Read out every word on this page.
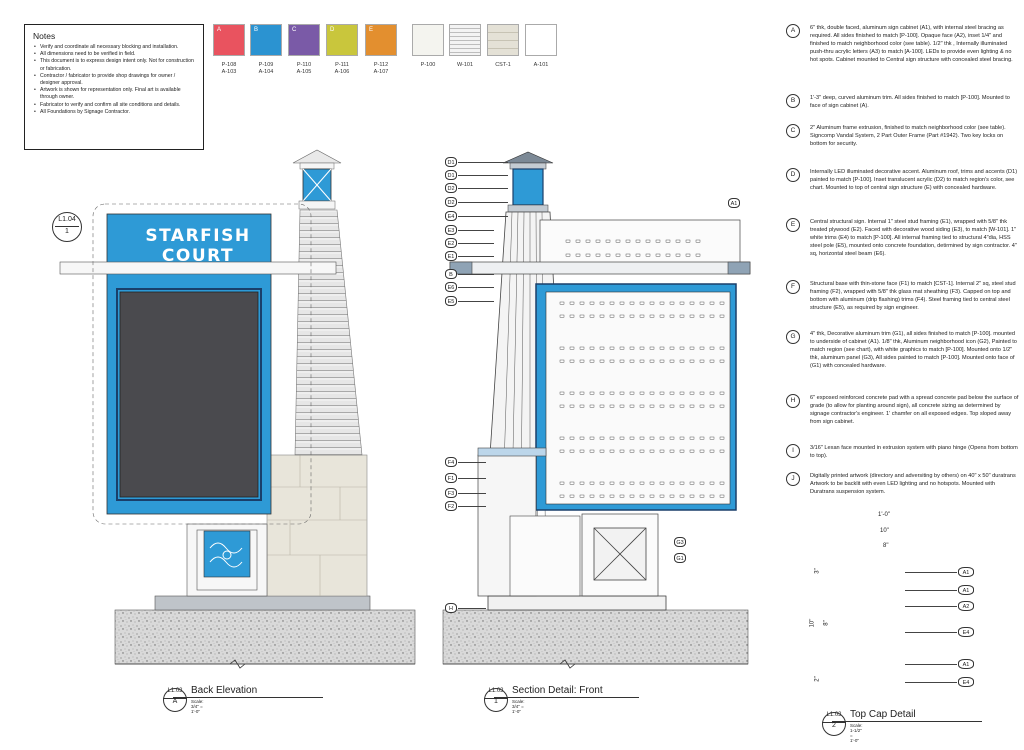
Notes
• Verify and coordinate all necessary blocking and installation.
• All dimensions need to be verified in field.
• This document is to express design intent only. Not for construction or fabrication.
• Contractor / fabricator to provide shop drawings for owner / designer approval.
• Artwork is shown for representation only. Final art is available through owner.
• Fabricator to verify and confirm all site conditions and details.
• All Foundations by Signage Contractor.
A
P-108
A-103
B
P-109
A-104
C
P-110
A-105
D
P-111
A-106
E
P-112
A-107
P-100	W-101	CST-1	A-101
A	6" thk, double faced, aluminum sign cabinet (A1), with internal steel bracing as required. All sides finished to match [P-100]. Opaque face (A2), inset 1/4" and finished to match neighborhood color (see table). 1/2" thk , Internally illuminated push-thru acrylic letters (A3) to match [A-100]. LEDs to provide even lighting & no hot spots. Cabinet mounted to Central sign structure with concealed steel bracing.
B	1'-3" deep, curved aluminum trim. All sides finished to match [P-100]. Mounted to face of sign cabinet (A).
C	2" Aluminum frame extrusion, finished to match neighborhood color (see table). Signcomp Vandal System, 2 Part Outer Frame (Part #1942). Two key locks on bottom for security.
D	Internally LED illuminated decorative accent. Aluminum roof, trims and accents (D1) painted to match [P-100]. Inset translucent acrylic (D2) to match region's color, see chart. Mounted to top of central sign structure (E) with concealed hardware.
E	Central structural sign. Internal 1" steel stud framing (E1), wrapped with 5/8" thk treated plywood (E2). Faced with decorative wood siding (E3), to match [W-101]. 1" white trims (E4) to match [P-100]. All internal framing tied to structural 4"dia, HSS steel pole (E5), mounted onto concrete foundation, detirmined by sign contractor. 4" sq, horizontal steel beam (E6).
F	Structural base with thin-stone face (F1) to match [CST-1]. Internal 2" sq, steel stud framing (F2), wrapped with 5/8" thk glass mat sheathing (F3). Capped on top and bottom with aluminum (drip flashing) trims (F4). Steel framing tied to central steel structure (E5), as required by sign engineer.
G	4" thk, Decorative aluminum trim (G1), all sides finished to match [P-100]. mounted to underside of cabinet (A1). 1/8" thk, Aluminum neighborhood icon (G2), Painted to match region (see chart), with white graphics to match [P-100]. Mounted onto 1/2" thk, aluminum panel (G3), All sides painted to match [P-100]. Mounted onto face of (G1) with concealed hardware.
H	6" exposed reinforced concrete pad with a spread concrete pad below the surface of grade (to allow for planting around sign), all concrete sizing as determined by signage contractor's engineer. 1' chamfer on all exposed edges. Top sloped away from sign cabinet.
I	3/16" Lexan face mounted in extrusion system with piano hinge (Opens from bottom to top).
J	Digitally printed artwork (directory and adversiting by others) on 40" x 50" duratrans Artwork to be backlit with even LED lighting and no hotspots. Mounted with Duratrans suspension system.
STARFISH COURT
L1.04
1
L1.03
A
Back Elevation
Scale: 3/4" = 1'-0"
L1.03
1
Section Detail: Front
Scale: 3/4" = 1'-0"
L1.03
2
Top Cap Detail
Scale: 1-1/2" = 1'-0"
D1
D1
D2
D2
E4
E3
E2
E1
B
E6
E5
F4
F1
F3
F2
H
A1
G3
G1
A1
A1
A2
E4
A1
E4
1'-0"
10"
8"
3"
10" 8"
2"
